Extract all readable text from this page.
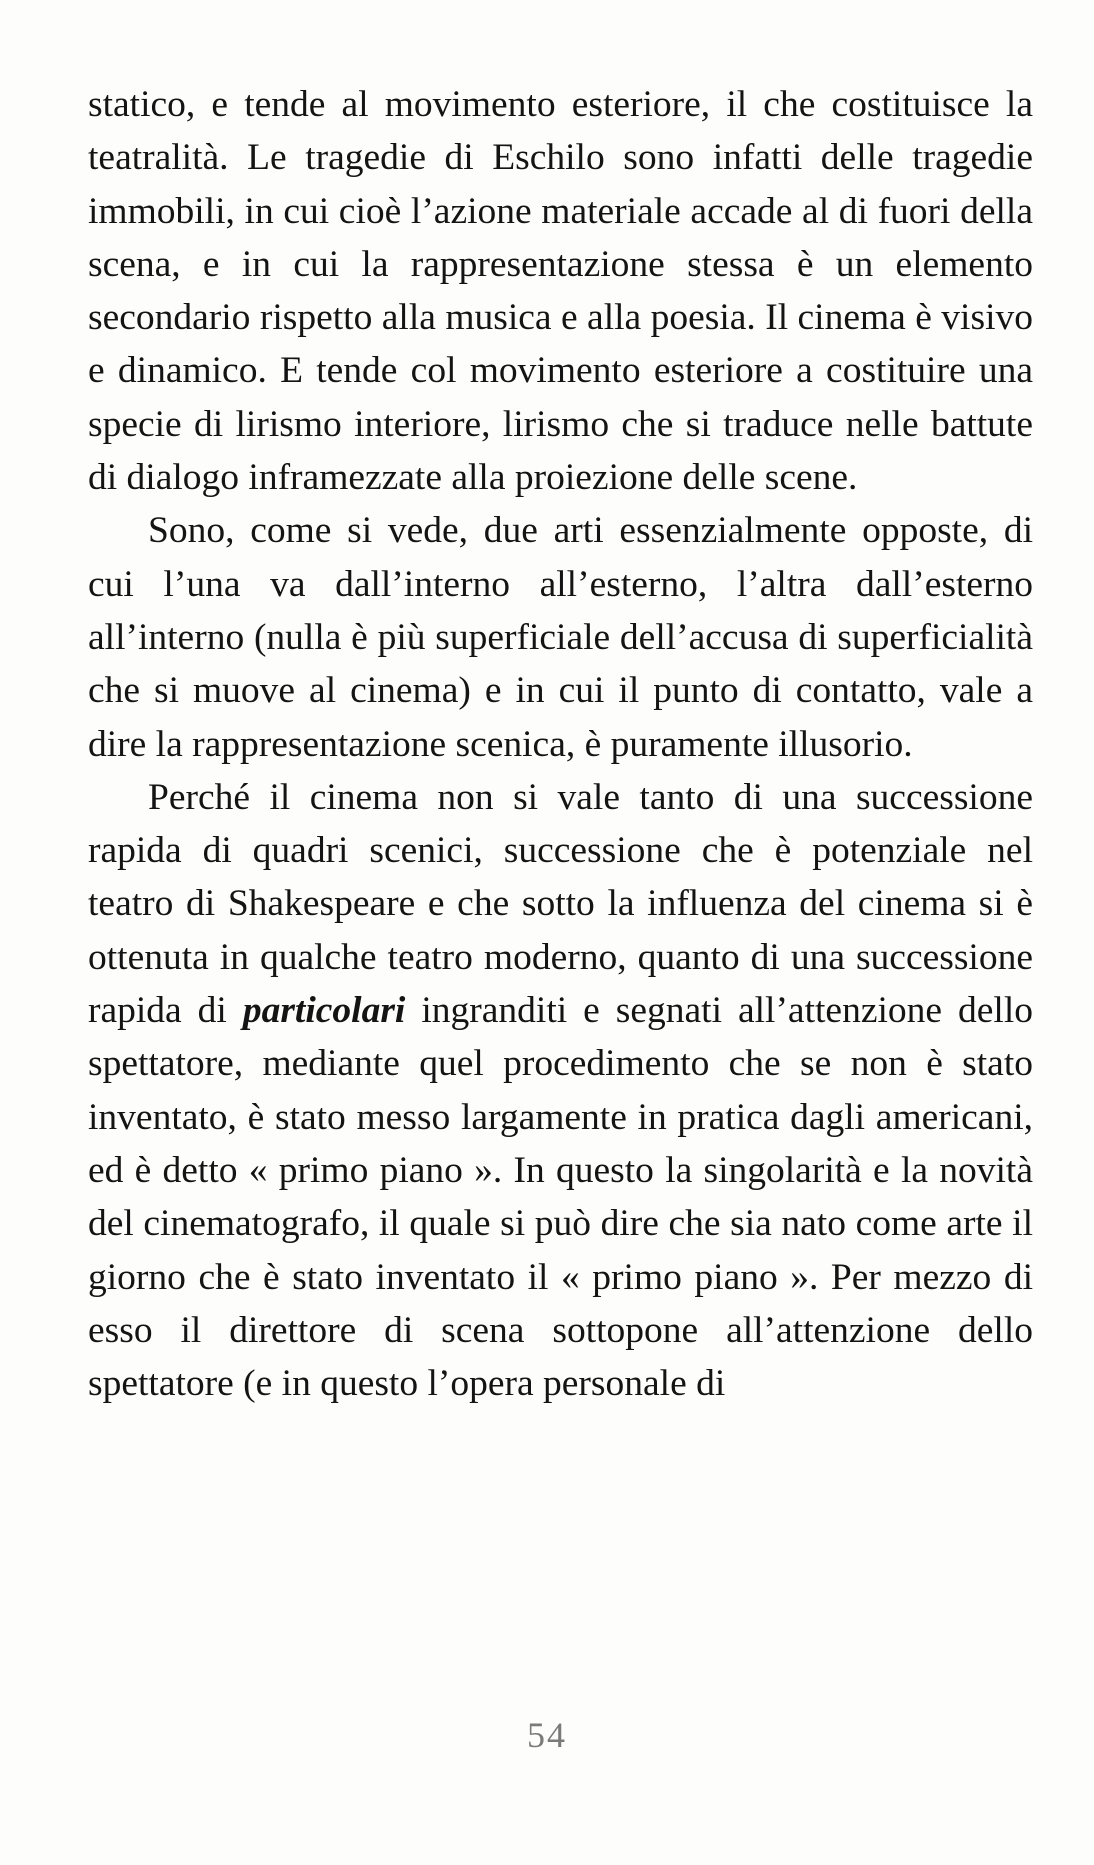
statico, e tende al movimento esteriore, il che costituisce la teatralità. Le tragedie di Eschilo sono infatti delle tragedie immobili, in cui cioè l’azione materiale accade al di fuori della scena, e in cui la rappresentazione stessa è un elemento secondario rispetto alla musica e alla poesia. Il cinema è visivo e dinamico. E tende col movimento esteriore a costituire una specie di lirismo interiore, lirismo che si traduce nelle battute di dialogo inframezzate alla proiezione delle scene.

Sono, come si vede, due arti essenzialmente opposte, di cui l’una va dall’interno all’esterno, l’altra dall’esterno all’interno (nulla è più superficiale dell’accusa di superficialità che si muove al cinema) e in cui il punto di contatto, vale a dire la rappresentazione scenica, è puramente illusorio.

Perché il cinema non si vale tanto di una successione rapida di quadri scenici, successione che è potenziale nel teatro di Shakespeare e che sotto la influenza del cinema si è ottenuta in qualche teatro moderno, quanto di una successione rapida di particolari ingranditi e segnati all’attenzione dello spettatore, mediante quel procedimento che se non è stato inventato, è stato messo largamente in pratica dagli americani, ed è detto « primo piano ». In questo la singolarità e la novità del cinematografo, il quale si può dire che sia nato come arte il giorno che è stato inventato il « primo piano ». Per mezzo di esso il direttore di scena sottopone all’attenzione dello spettatore (e in questo l’opera personale di

54
